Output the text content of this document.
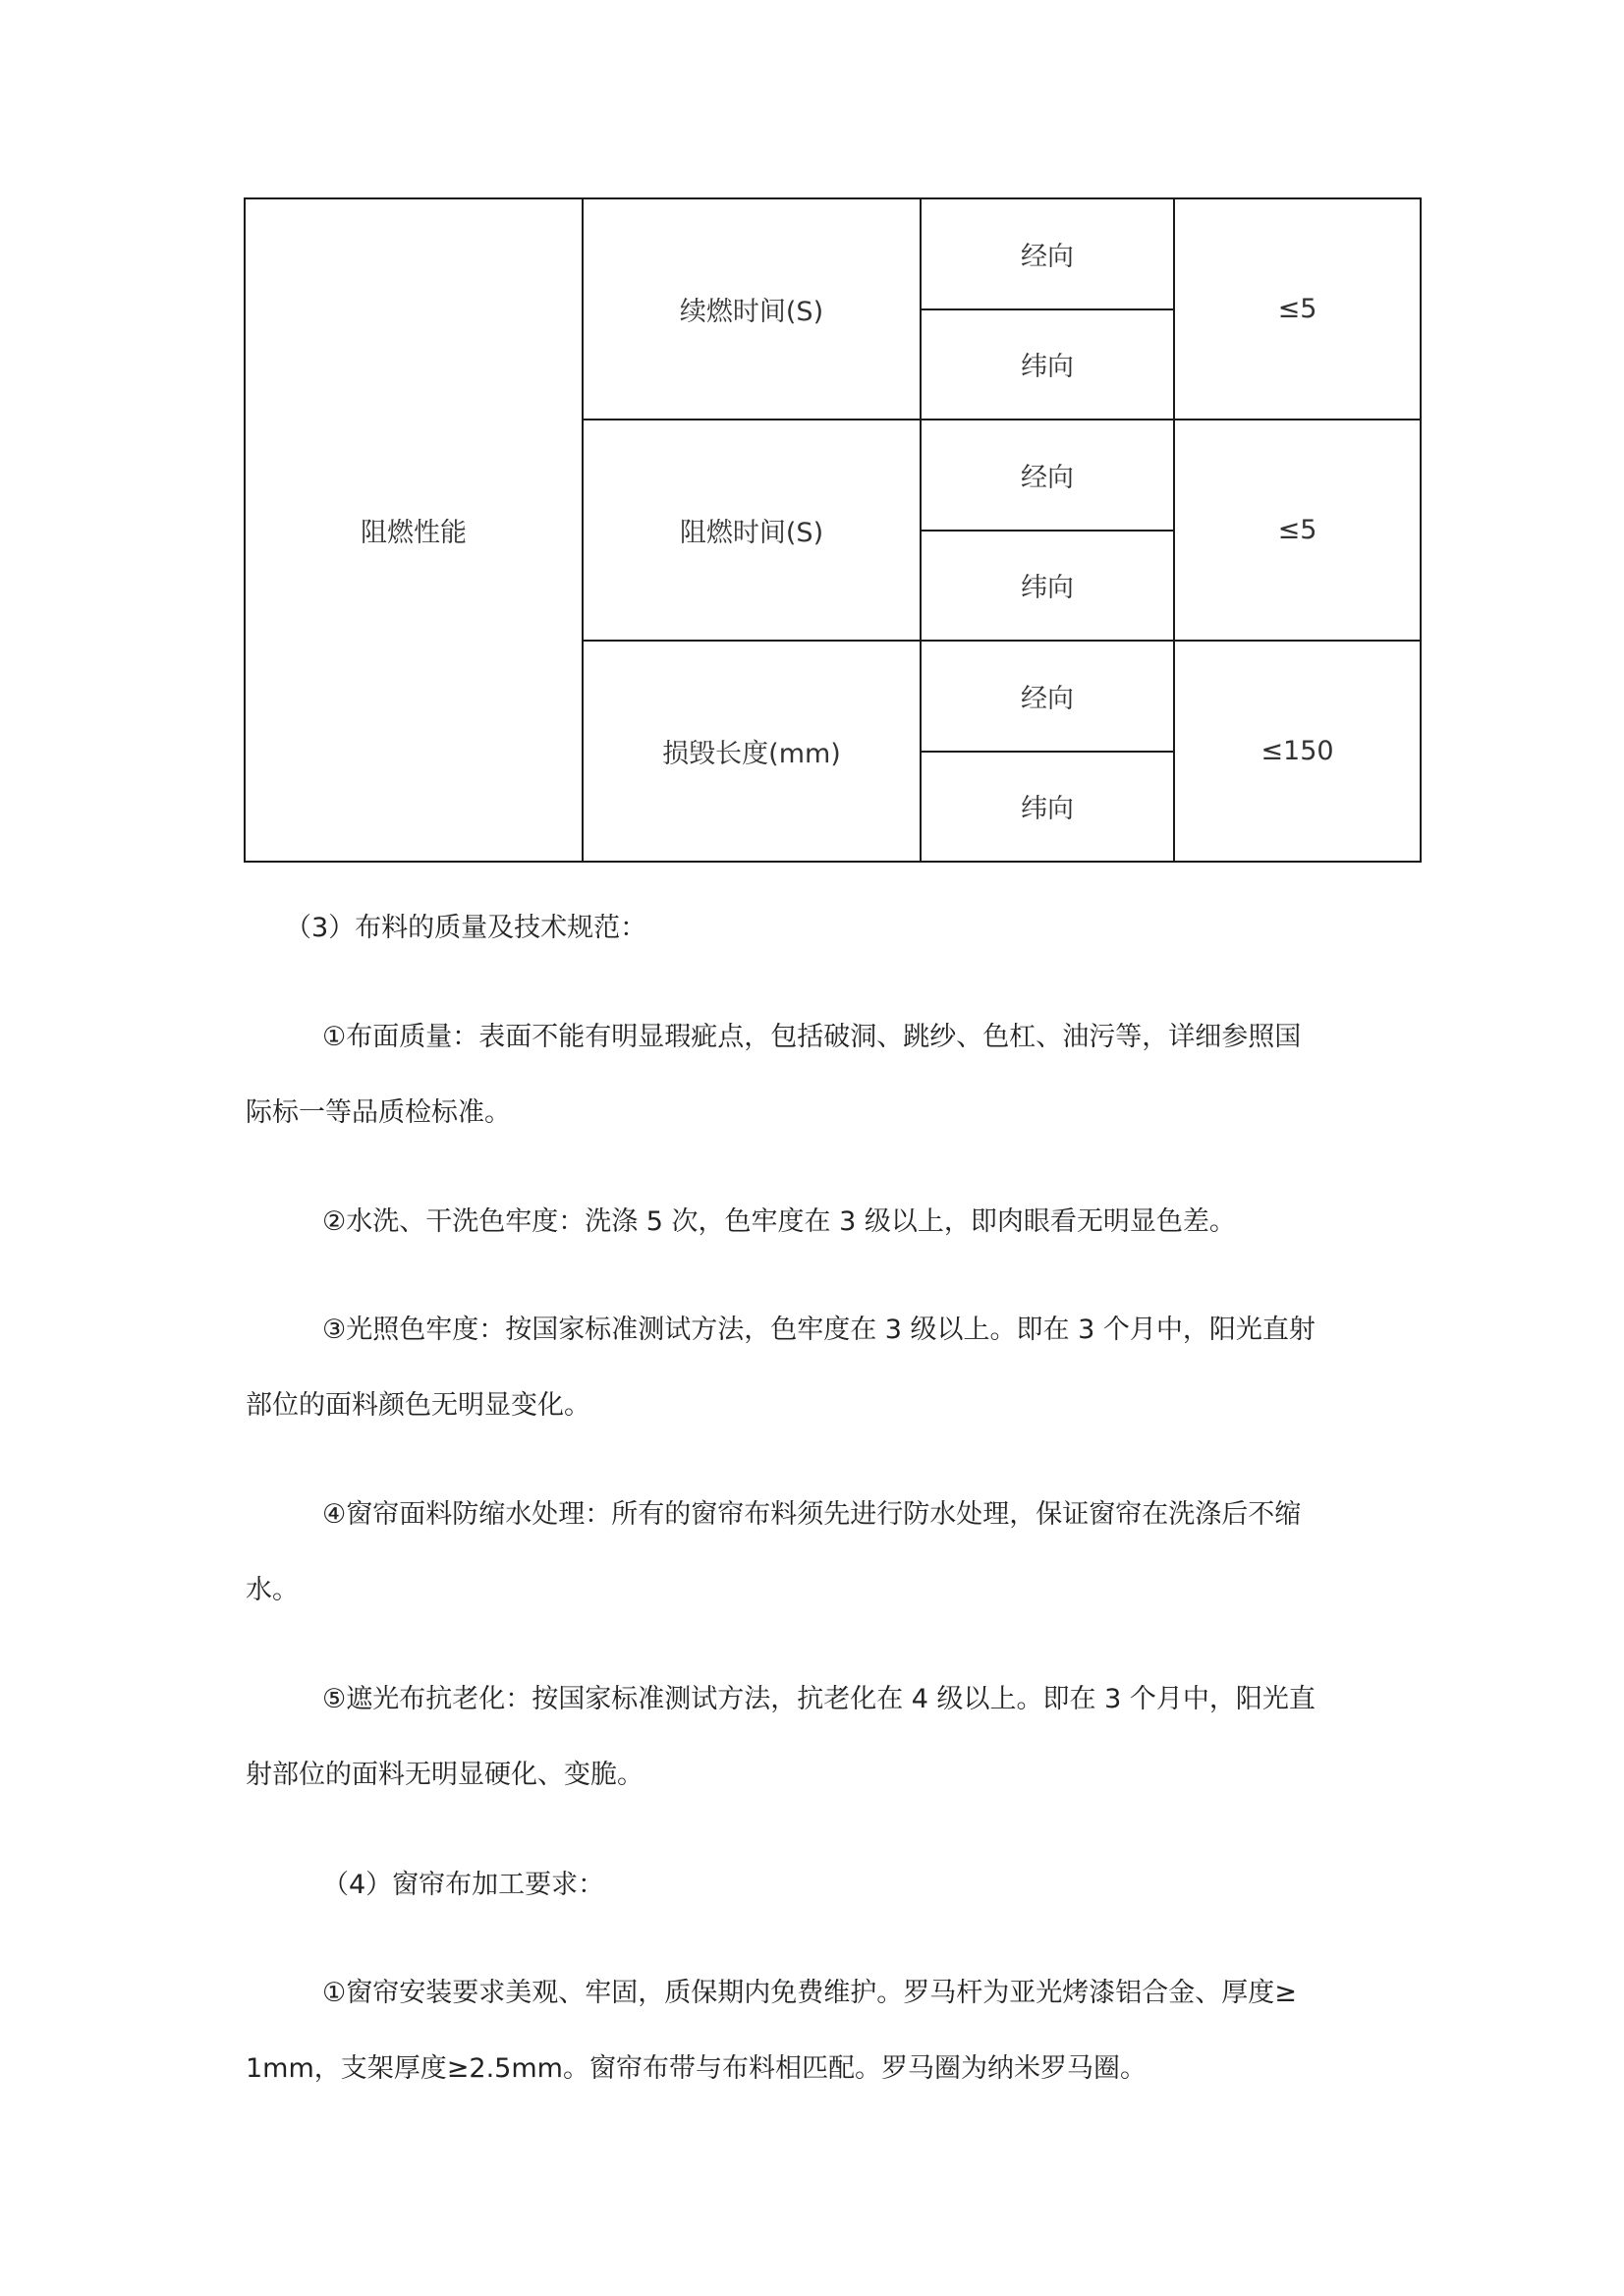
阻燃性能	续燃时间(S)	经向	≤5
		纬向	
	阻燃时间(S)	经向	≤5
		纬向	
	损毁长度(mm)	经向	≤150
		纬向	
（3）布料的质量及技术规范：
①布面质量：表面不能有明显瑕疵点，包括破洞、跳纱、色杠、油污等，详细参照国
际标一等品质检标准。
②水洗、干洗色牢度：洗涤 5 次，色牢度在 3 级以上，即肉眼看无明显色差。
③光照色牢度：按国家标准测试方法，色牢度在 3 级以上。即在 3 个月中，阳光直射
部位的面料颜色无明显变化。
④窗帘面料防缩水处理：所有的窗帘布料须先进行防水处理，保证窗帘在洗涤后不缩
水。
⑤遮光布抗老化：按国家标准测试方法，抗老化在 4 级以上。即在 3 个月中，阳光直
射部位的面料无明显硬化、变脆。
（4）窗帘布加工要求：
①窗帘安装要求美观、牢固，质保期内免费维护。罗马杆为亚光烤漆铝合金、厚度≥
1mm，支架厚度≥2.5mm。窗帘布带与布料相匹配。罗马圈为纳米罗马圈。
